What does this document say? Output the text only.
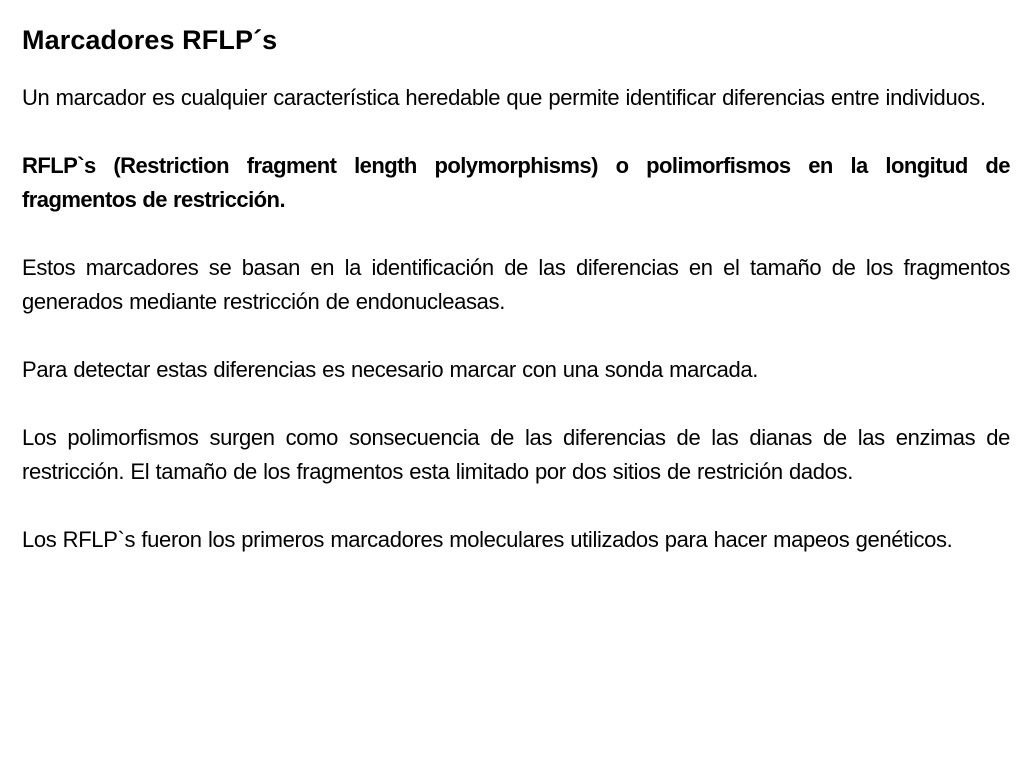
Marcadores RFLP´s

Un marcador es cualquier característica heredable que permite identificar diferencias entre individuos.

RFLP`s (Restriction fragment length polymorphisms) o polimorfismos en la longitud de fragmentos de restricción.

Estos marcadores se basan en la identificación de las diferencias en el tamaño de los fragmentos generados mediante restricción de endonucleasas.

Para detectar estas diferencias es necesario marcar con una sonda marcada.

Los polimorfismos surgen como sonsecuencia de las diferencias de las dianas de las enzimas de restricción. El tamaño de los fragmentos esta limitado por dos sitios de restrición dados.

Los RFLP`s fueron los primeros marcadores moleculares utilizados para hacer mapeos genéticos.
